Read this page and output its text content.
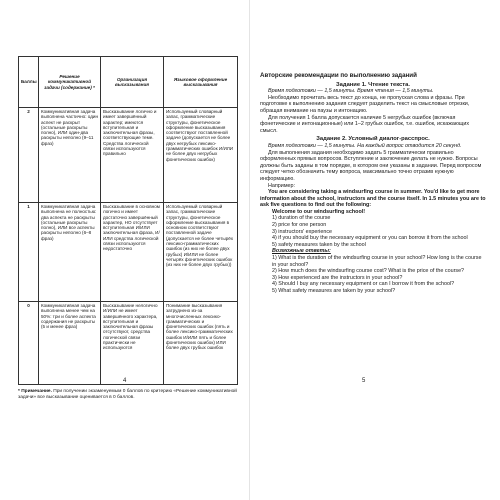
Баллы	Решение коммуникативной задачи (содержание) *	Организация высказывания	Языковое оформление высказывания
2	Коммуникативная задача выполнена частично: один аспект не раскрыт (остальные раскрыты полно), ИЛИ один-два раскрыты неполно (9–11 фраз)	Высказывание логично и имеет завершённый характер; имеются вступительная и заключительная фразы, соответствующие теме. Средства логической связи используются правильно	Используемый словарный запас, грамматические структуры, фонетическое оформление высказывания соответствуют поставленной задаче (допускается не более двух негрубых лексико-грамматических ошибок И/ИЛИ не более двух негрубых фонетических ошибок)
1	Коммуникативная задача выполнена не полностью: два аспекта не раскрыты (остальные раскрыты полно), ИЛИ все аспекты раскрыты неполно (6–8 фраз)	Высказывание в основном логично и имеет достаточно завершённый характер, НО отсутствует вступительная И/ИЛИ заключительная фраза, И/ИЛИ средства логической связи используются недостаточно	Используемый словарный запас, грамматические структуры, фонетическое оформление высказывания в основном соответствуют поставленной задаче (допускается не более четырёх лексико-грамматических ошибок (из них не более двух грубых) И/ИЛИ не более четырёх фонетических ошибок (из них не более двух грубых))
0	Коммуникативная задача выполнена менее чем на 50%: три и более аспекта содержания не раскрыты (5 и менее фраз)	Высказывание нелогично И/ИЛИ не имеет завершённого характера, вступительная и заключительная фразы отсутствуют, средства логической связи практически не используются	Понимание высказывания затруднено из-за многочисленных лексико-грамматических и фонетических ошибок (пять и более лексико-грамматических ошибок И/ИЛИ пять и более фонетических ошибок) ИЛИ более двух грубых ошибок
* Примечание. При получении экзаменуемым 0 баллов по критерию «Решение коммуникативной задачи» все высказывание оценивается в 0 баллов.
4
Авторские рекомендации по выполнению заданий
Задание 1. Чтение текста.
Время подготовки — 1,5 минуты. Время чтения — 1,5 минуты.

Необходимо прочитать весь текст до конца, не пропуская слова и фразы. При подготовке к выполнению задания следует разделить текст на смысловые отрезки, обращая внимание на паузы и интонацию.

Для получения 1 балла допускается наличие 5 негрубых ошибок (включая фонетические и интонационные) или 1–2 грубых ошибок, т.е. ошибок, искажающих смысл.

Задание 2. Условный диалог-расспрос.
Время подготовки — 1,5 минуты. На каждый вопрос отводится 20 секунд.

Для выполнения задания необходимо задать 5 грамматически правильно оформленных прямых вопросов. Вступление и заключение делать не нужно. Вопросы должны быть заданы в том порядке, в котором они указаны в задании. Перед вопросом следует четко обозначить тему вопроса, максимально точно отразив нужную информацию.

Например:

You are considering taking a windsurfing course in summer. You'd like to get more information about the school, instructors and the course itself. In 1.5 minutes you are to ask five questions to find out the following:

Welcome to our windsurfing school!
1) duration of the course
2) price for one person
3) instructors' experience
4) if you should buy the necessary equipment or you can borrow it from the school
5) safety measures taken by the school
Возможные ответы:
1) What is the duration of the windsurfing course in your school? How long is the course in your school?
2) How much does the windsurfing course cost? What is the price of the course?
3) How experienced are the instructors in your school?
4) Should I buy any necessary equipment or can I borrow it from the school?
5) What safety measures are taken by your school?
5
